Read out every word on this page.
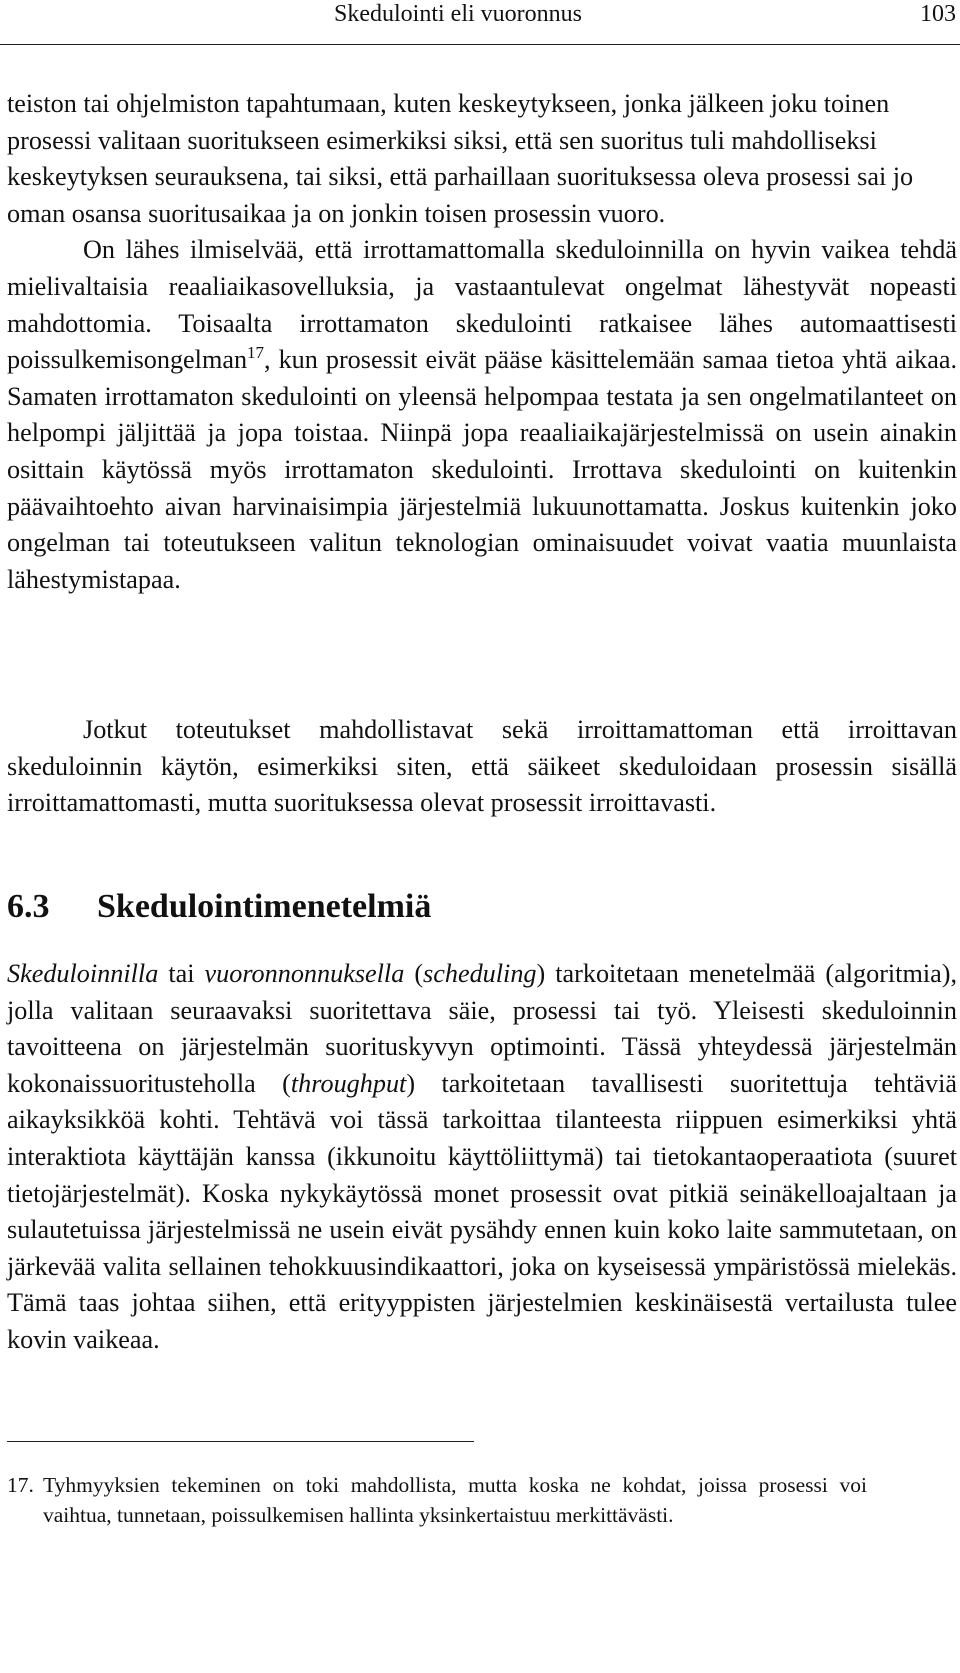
Skedulointi eli vuoronnus	103
teiston tai ohjelmiston tapahtumaan, kuten keskeytykseen, jonka jälkeen joku toinen prosessi valitaan suoritukseen esimerkiksi siksi, että sen suoritus tuli mahdolliseksi keskeytyksen seurauksena, tai siksi, että parhaillaan suorituksessa oleva prosessi sai jo oman osansa suoritusaikaa ja on jonkin toisen prosessin vuoro.
On lähes ilmiselvää, että irrottamattomalla skeduloinnilla on hyvin vaikea tehdä mielivaltaisia reaaliaikasovelluksia, ja vastaantulevat ongelmat lähestyvät nopeasti mahdottomia. Toisaalta irrottamaton skedulointi ratkaisee lähes automaattisesti poissulkemisongelman$^{17}$, kun prosessit eivät pääse käsittelemään samaa tietoa yhtä aikaa. Samaten irrottamaton skedulointi on yleensä helpompaa testata ja sen ongelmatilanteet on helpompi jäljittää ja jopa toistaa. Niinpä jopa reaaliaikajärjestelmissä on usein ainakin osittain käytössä myös irrottamaton skedulointi. Irrottava skedulointi on kuitenkin päävaihtoehto aivan harvinaisimpia järjestelmiä lukuunottamatta. Joskus kuitenkin joko ongelman tai toteutukseen valitun teknologian ominaisuudet voivat vaatia muunlaista lähestymistapaa.

Jotkut toteutukset mahdollistavat sekä irroittamattoman että irroittavan skeduloinnin käytön, esimerkiksi siten, että säikeet skeduloidaan prosessin sisällä irroittamattomasti, mutta suorituksessa olevat prosessit irroittavasti.

6.3 Skedulointimenetelmiä

Skeduloinnilla tai vuoronnonnuksella (scheduling) tarkoitetaan menetelmää (algoritmia), jolla valitaan seuraavaksi suoritettava säie, prosessi tai työ. Yleisesti skeduloinnin tavoitteena on järjestelmän suorituskyvyn optimointi. Tässä yhteydessä järjestelmän kokonaissuoritusteholla (throughput) tarkoitetaan tavallisesti suoritettuja tehtäviä aikayksikköä kohti. Tehtävä voi tässä tarkoittaa tilanteesta riippuen esimerkiksi yhtä interaktiota käyttäjän kanssa (ikkunoitu käyttöliittymä) tai tietokantaoperaatiota (suuret tietojärjestelmät). Koska nykykäytössä monet prosessit ovat pitkiä seinäkelloajaltaan ja sulautetuissa järjestelmissä ne usein eivät pysähdy ennen kuin koko laite sammutetaan, on järkevää valita sellainen tehokkuusindikaattori, joka on kyseisessä ympäristössä mielekäs. Tämä taas johtaa siihen, että erityyppisten järjestelmien keskinäisestä vertailusta tulee kovin vaikeaa.

17. Tyhmyyksien tekeminen on toki mahdollista, mutta koska ne kohdat, joissa prosessi voi vaihtua, tunnetaan, poissulkemisen hallinta yksinkertaistuu merkittävästi.
